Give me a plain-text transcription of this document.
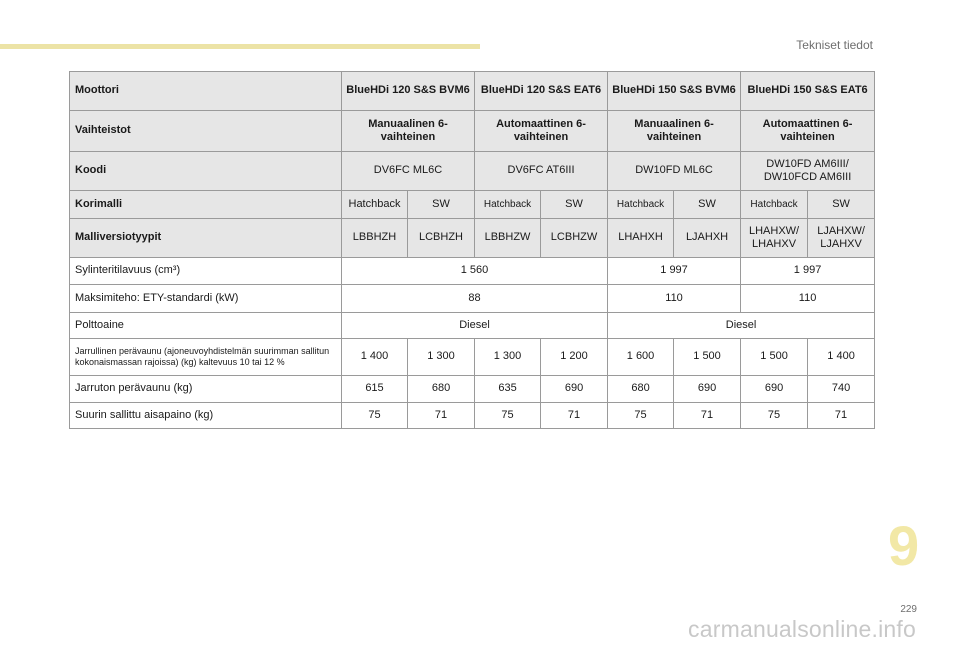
Tekniset tiedot
Moottori	BlueHDi 120 S&S BVM6		BlueHDi 120 S&S EAT6		BlueHDi 150 S&S BVM6		BlueHDi 150 S&S EAT6	
Vaihteistot	Manuaalinen 6-vaihteinen		Automaattinen 6-vaihteinen		Manuaalinen 6-vaihteinen		Automaattinen 6-vaihteinen	
Koodi	DV6FC ML6C		DV6FC AT6III		DW10FD ML6C		DW10FD AM6III/ DW10FCD AM6III	
Korimalli	Hatchback	SW	Hatchback	SW	Hatchback	SW	Hatchback	SW
Malliversiotyypit	LBBHZH	LCBHZH	LBBHZW	LCBHZW	LHAHXH	LJAHXH	LHAHXW/ LHAHXV	LJAHXW/ LJAHXV
Sylinteritilavuus (cm³)	1 560				1 997		1 997	
Maksimiteho: ETY-standardi (kW)	88				110		110	
Polttoaine	Diesel				Diesel			
Jarrullinen perävaunu (ajoneuvoyhdistelmän suurimman sallitun kokonaismassan rajoissa) (kg) kaltevuus 10 tai 12 %	1 400	1 300	1 300	1 200	1 600	1 500	1 500	1 400
Jarruton perävaunu (kg)	615	680	635	690	680	690	690	740
Suurin sallittu aisapaino (kg)	75	71	75	71	75	71	75	71
9
229
carmanualsonline.info
